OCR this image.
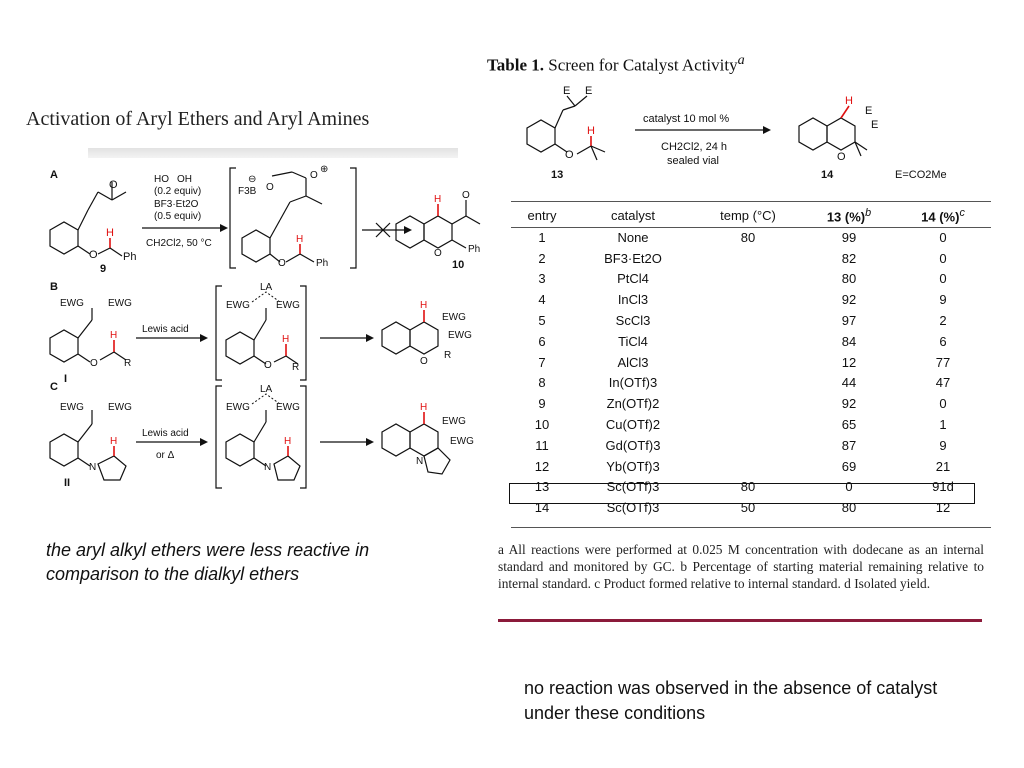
Activation of Aryl Ethers and Aryl Amines
A
O
O
H
Ph
9
HO    OH
(0.2 equiv)
BF3·Et2O
(0.5 equiv)
CH2Cl2, 50 °C
F3B
⊖
O
O
⊕
H
O	Ph
O
H
O	Ph
10
B
EWG EWG
O
H
R
I
Lewis acid
LA
EWG	EWG
O
H
R
H
EWG
EWG
O
R
C
EWG EWG
N
H
II
Lewis acid
or Δ
LA
EWG	EWG
N
H
H
EWG
EWG
N
the aryl alkyl ethers were less reactive in comparison to the dialkyl ethers
Table 1. Screen for Catalyst Activity$^a$
E E
O
H
13
catalyst 10 mol %
CH2Cl2, 24 h
sealed vial
H
E
E
O
14	E=CO2Me
entry	catalyst	temp (°C)	13 (%)$^b$	14 (%)$^c$
1	None	80	99	0
2	BF3·Et2O		82	0
3	PtCl4		80	0
4	InCl3		92	9
5	ScCl3		97	2
6	TiCl4		84	6
7	AlCl3		12	77
8	In(OTf)3		44	47
9	Zn(OTf)2		92	0
10	Cu(OTf)2		65	1
11	Gd(OTf)3		87	9
12	Yb(OTf)3		69	21
13	Sc(OTf)3	80	0	91d
14	Sc(OTf)3	50	80	12
a All reactions were performed at 0.025 M concentration with dodecane as an internal standard and monitored by GC. b Percentage of starting material remaining relative to internal standard. c Product formed relative to internal standard. d Isolated yield.
no reaction was observed in the absence of catalyst under these conditions
